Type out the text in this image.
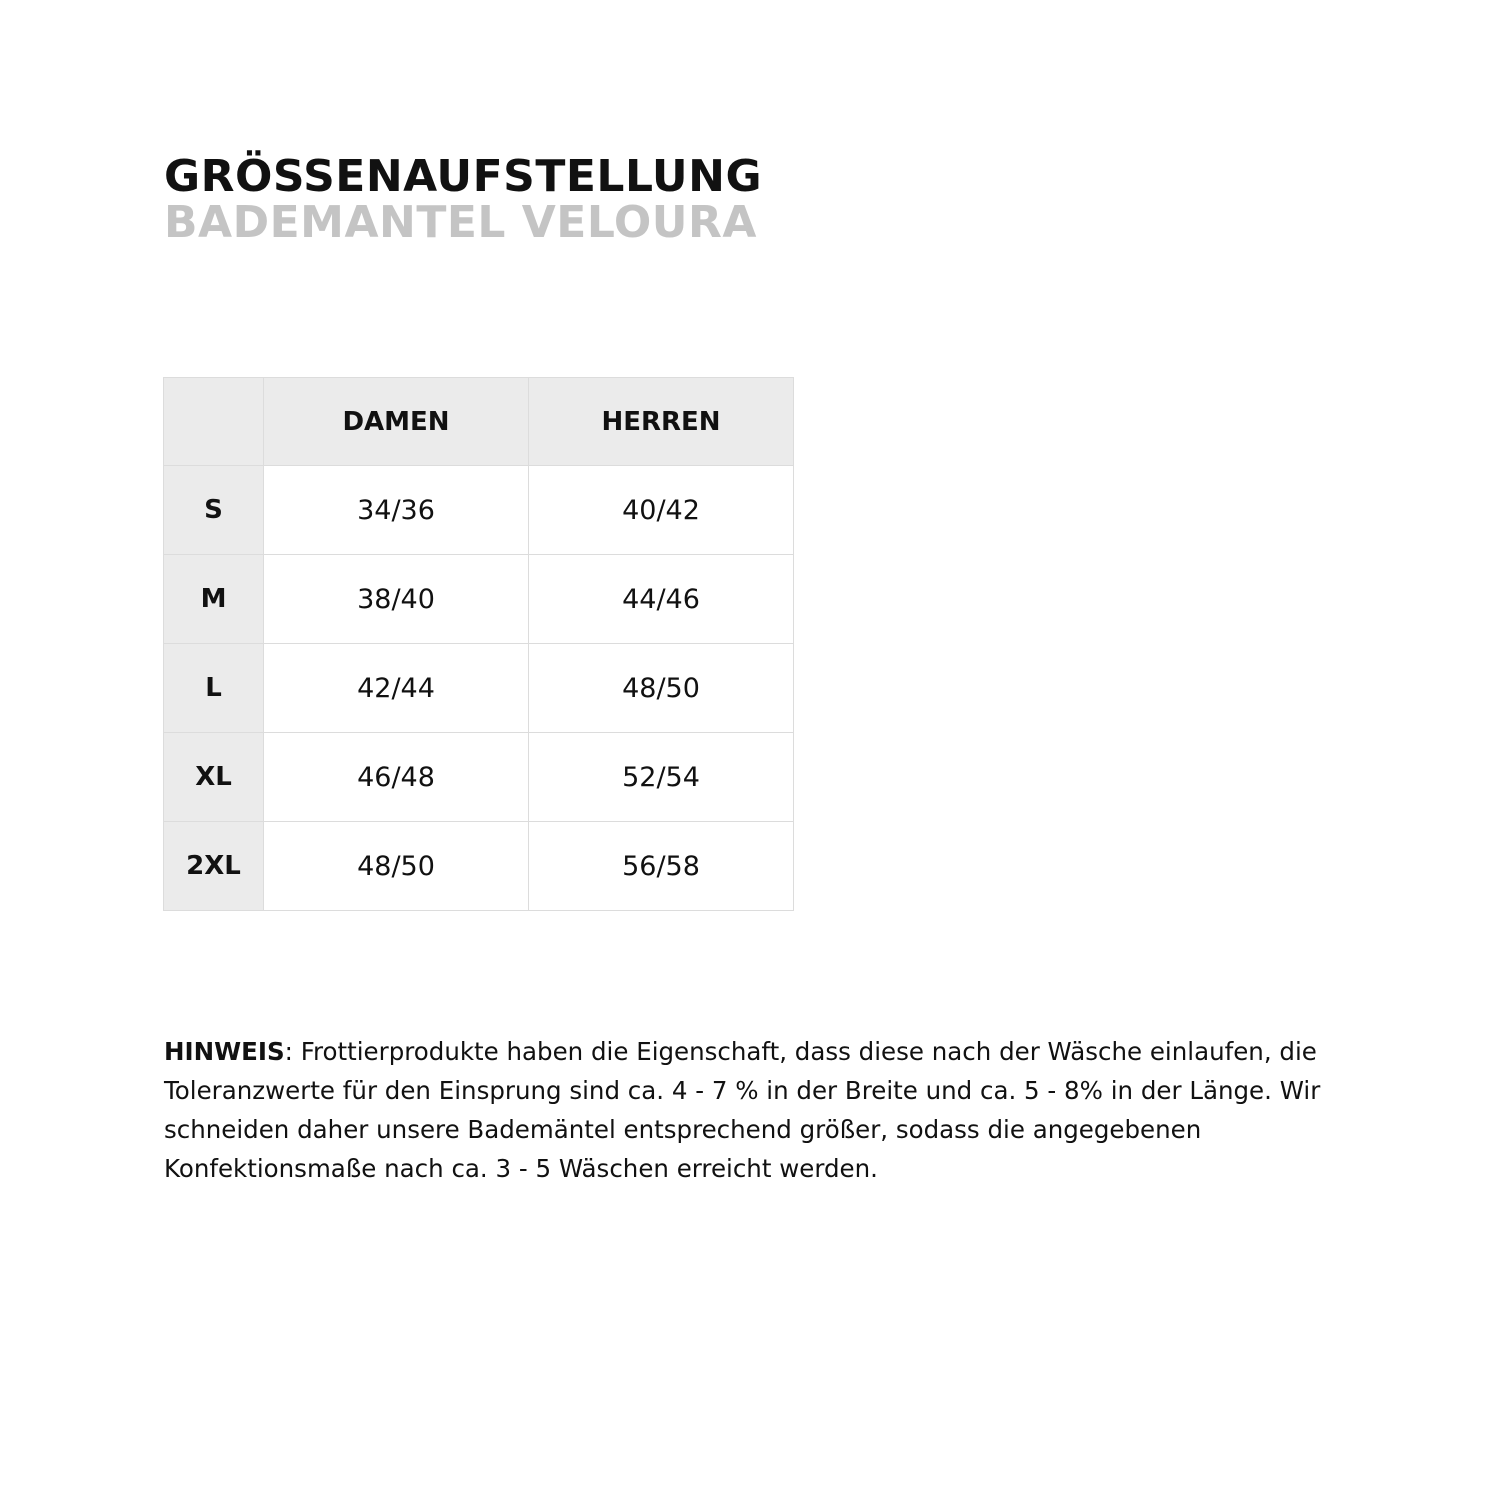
GRÖSSENAUFSTELLUNG
BADEMANTEL VELOURA
	DAMEN	HERREN
S	34/36	40/42
M	38/40	44/46
L	42/44	48/50
XL	46/48	52/54
2XL	48/50	56/58
HINWEIS: Frottierprodukte haben die Eigenschaft, dass diese nach der Wäsche einlaufen, die Toleranzwerte für den Einsprung sind ca. 4 - 7 % in der Breite und ca. 5 - 8% in der Länge. Wir schneiden daher unsere Bademäntel entsprechend größer, sodass die angegebenen Konfektionsmaße nach ca. 3 - 5 Wäschen erreicht werden.
